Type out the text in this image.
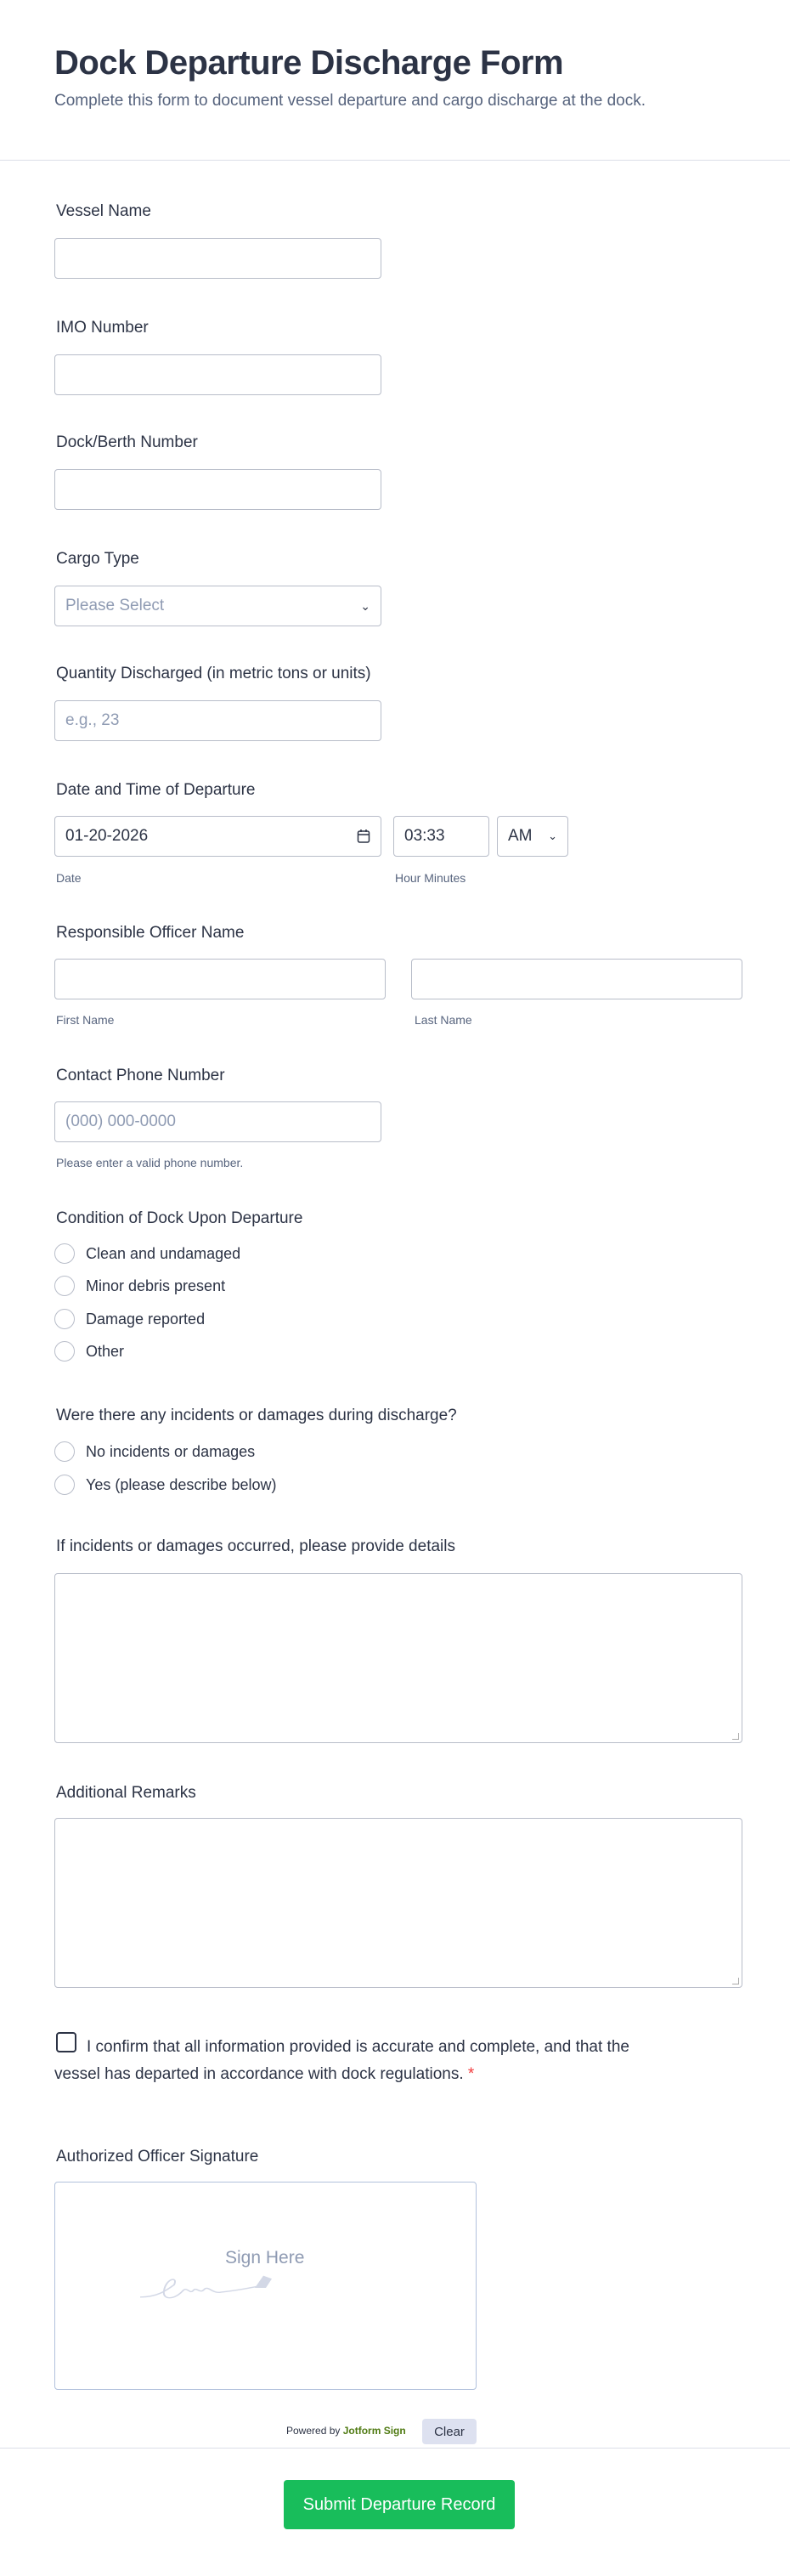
Dock Departure Discharge Form
Complete this form to document vessel departure and cargo discharge at the dock.
Vessel Name
IMO Number
Dock/Berth Number
Cargo Type
Please Select	⌄
Quantity Discharged (in metric tons or units)
e.g., 23
Date and Time of Departure
01-20-2026	03:33	AM ⌄
Date	Hour Minutes
Responsible Officer Name
First Name	Last Name
Contact Phone Number
(000) 000-0000
Please enter a valid phone number.
Condition of Dock Upon Departure
Clean and undamaged
Minor debris present
Damage reported
Other
Were there any incidents or damages during discharge?
No incidents or damages
Yes (please describe below)
If incidents or damages occurred, please provide details
Additional Remarks
I confirm that all information provided is accurate and complete, and that the vessel has departed in accordance with dock regulations. *
Authorized Officer Signature
Sign Here
Powered by Jotform Sign	Clear
Submit Departure Record
